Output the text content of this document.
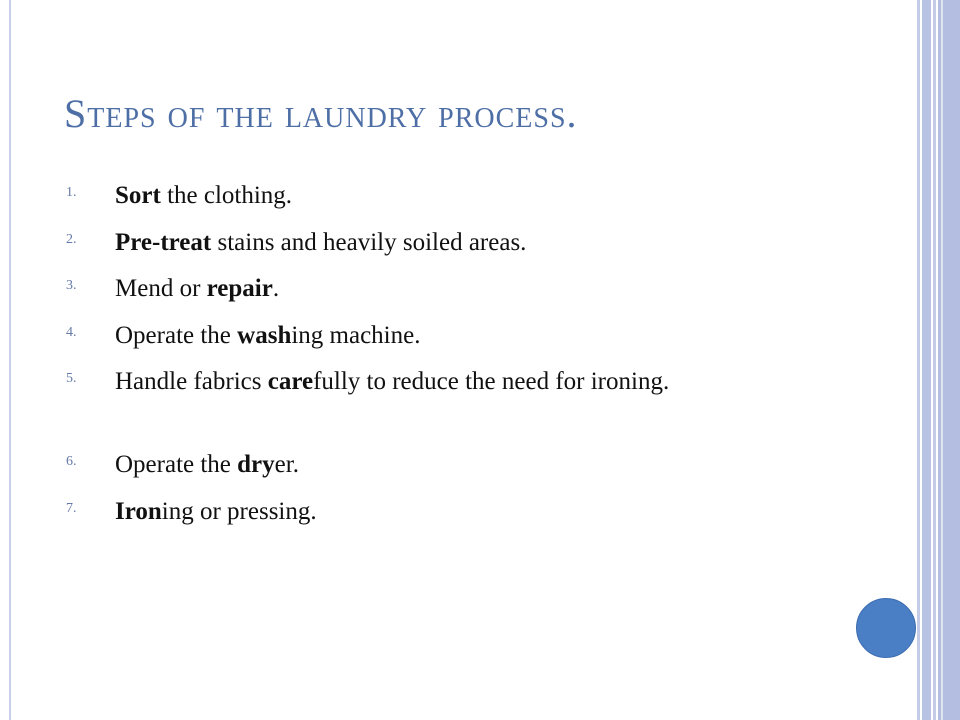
Steps of the laundry process.
1.	Sort the clothing.
2.	Pre-treat stains and heavily soiled areas.
3.	Mend or repair.
4.	Operate the washing machine.
5.	Handle fabrics carefully to reduce the need for ironing.
6.	Operate the dryer.
7.	Ironing or pressing.
